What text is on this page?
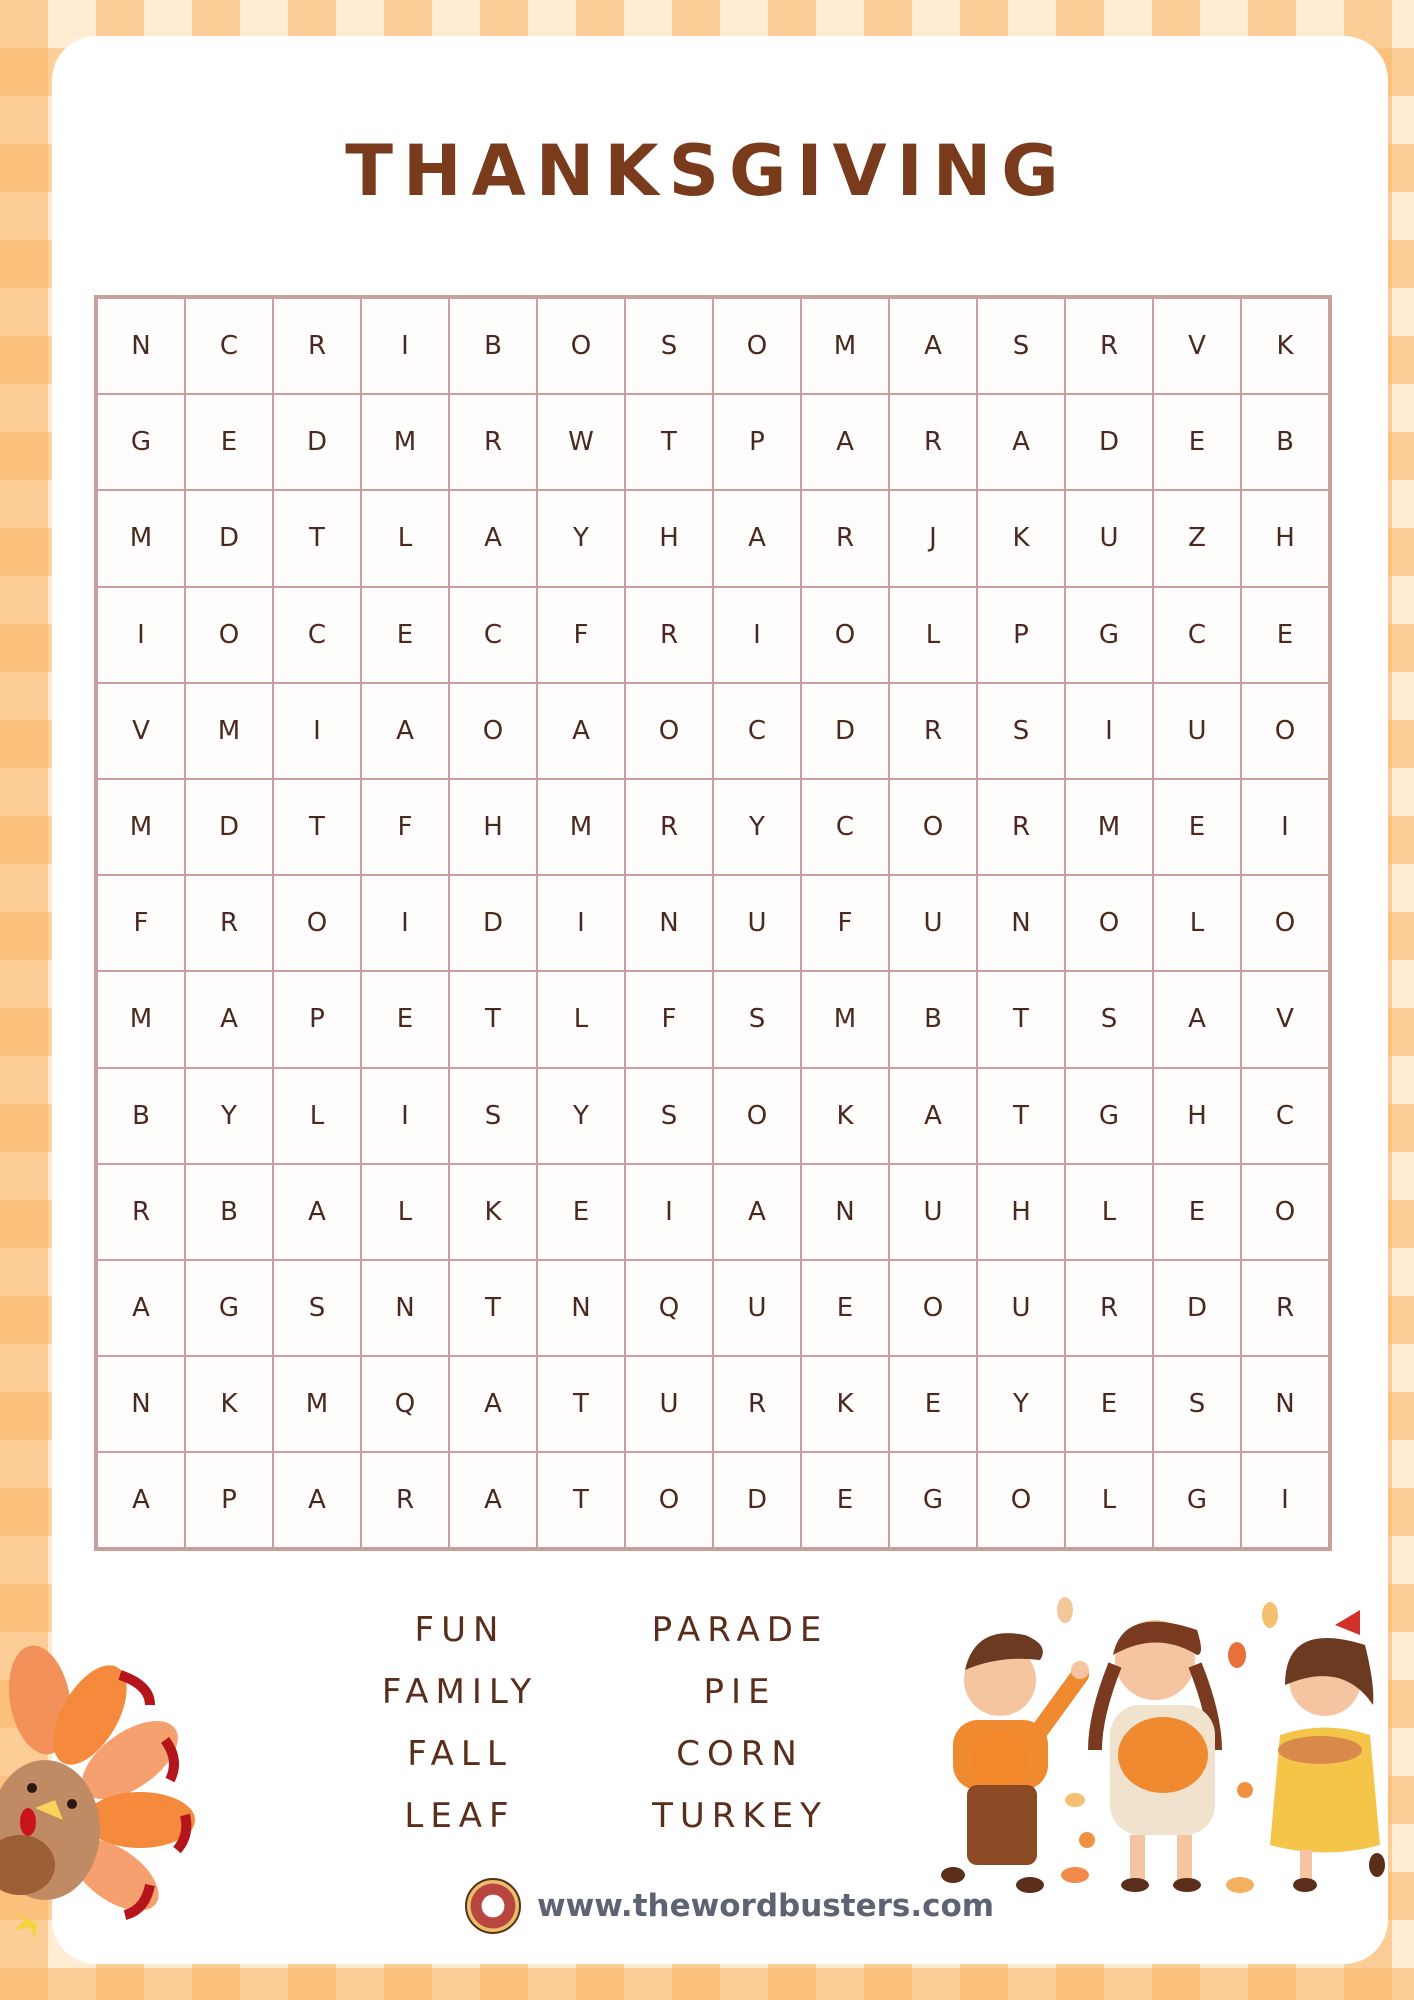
THANKSGIVING
N	C	R	I	B	O	S	O	M	A	S	R	V	K
G	E	D	M	R	W	T	P	A	R	A	D	E	B
M	D	T	L	A	Y	H	A	R	J	K	U	Z	H
I	O	C	E	C	F	R	I	O	L	P	G	C	E
V	M	I	A	O	A	O	C	D	R	S	I	U	O
M	D	T	F	H	M	R	Y	C	O	R	M	E	I
F	R	O	I	D	I	N	U	F	U	N	O	L	O
M	A	P	E	T	L	F	S	M	B	T	S	A	V
B	Y	L	I	S	Y	S	O	K	A	T	G	H	C
R	B	A	L	K	E	I	A	N	U	H	L	E	O
A	G	S	N	T	N	Q	U	E	O	U	R	D	R
N	K	M	Q	A	T	U	R	K	E	Y	E	S	N
A	P	A	R	A	T	O	D	E	G	O	L	G	I
FUN	PARADE
FAMILY	PIE
FALL	CORN
LEAF	TURKEY
www.thewordbusters.com
